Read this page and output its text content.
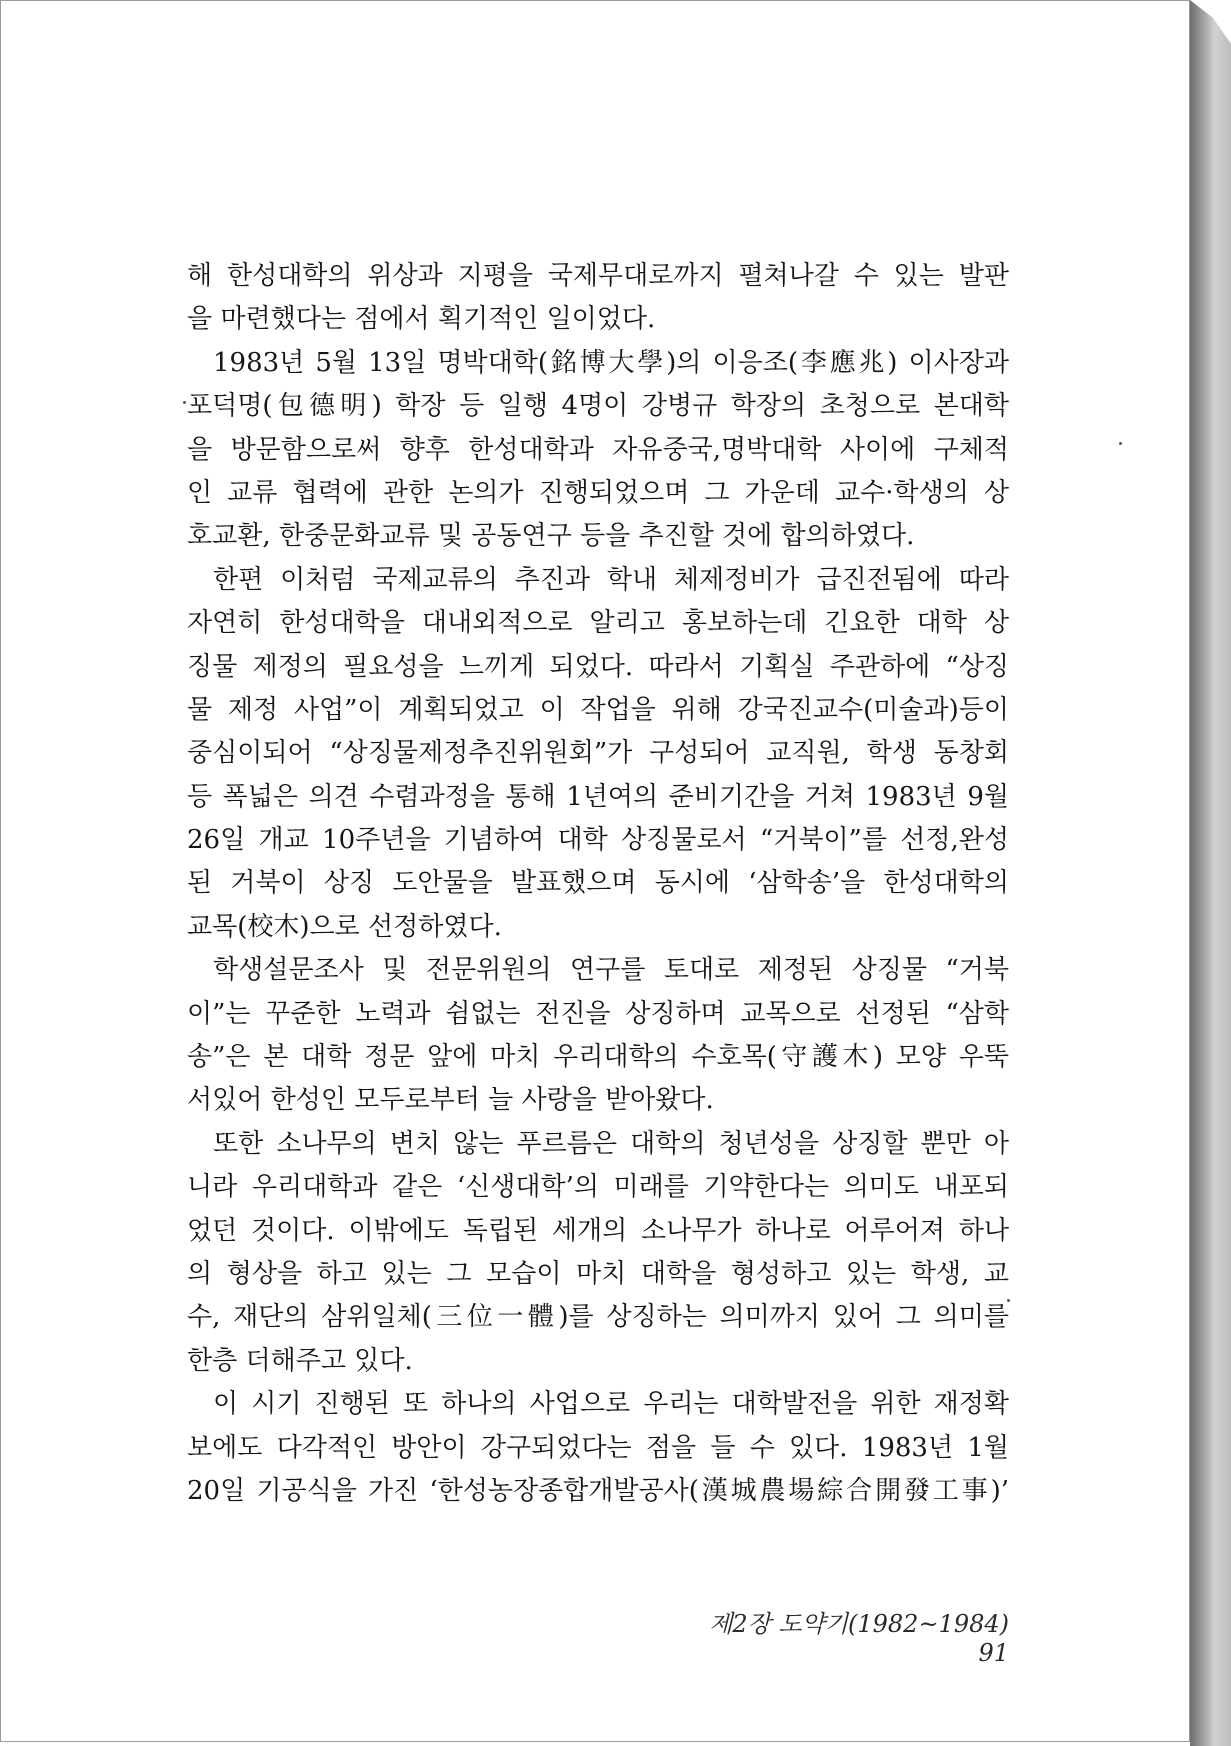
해 한성대학의 위상과 지평을 국제무대로까지 펼쳐나갈 수 있는 발판
을 마련했다는 점에서 획기적인 일이었다.
1983년 5월 13일 명박대학(銘博大學)의 이응조(李應兆) 이사장과
포덕명(包德明) 학장 등 일행 4명이 강병규 학장의 초청으로 본대학
을 방문함으로써 향후 한성대학과 자유중국,명박대학 사이에 구체적
인 교류 협력에 관한 논의가 진행되었으며 그 가운데 교수·학생의 상
호교환, 한중문화교류 및 공동연구 등을 추진할 것에 합의하였다.
한편 이처럼 국제교류의 추진과 학내 체제정비가 급진전됨에 따라
자연히 한성대학을 대내외적으로 알리고 홍보하는데 긴요한 대학 상
징물 제정의 필요성을 느끼게 되었다. 따라서 기획실 주관하에 “상징
물 제정 사업”이 계획되었고 이 작업을 위해 강국진교수(미술과)등이
중심이되어 “상징물제정추진위원회”가 구성되어 교직원, 학생 동창회
등 폭넓은 의견 수렴과정을 통해 1년여의 준비기간을 거쳐 1983년 9월
26일 개교 10주년을 기념하여 대학 상징물로서 “거북이”를 선정,완성
된 거북이 상징 도안물을 발표했으며 동시에 ‘삼학송’을 한성대학의
교목(校木)으로 선정하였다.
학생설문조사 및 전문위원의 연구를 토대로 제정된 상징물 “거북
이”는 꾸준한 노력과 쉼없는 전진을 상징하며 교목으로 선정된 “삼학
송”은 본 대학 정문 앞에 마치 우리대학의 수호목(守護木) 모양 우뚝
서있어 한성인 모두로부터 늘 사랑을 받아왔다.
또한 소나무의 변치 않는 푸르름은 대학의 청년성을 상징할 뿐만 아
니라 우리대학과 같은 ‘신생대학’의 미래를 기약한다는 의미도 내포되
었던 것이다. 이밖에도 독립된 세개의 소나무가 하나로 어루어져 하나
의 형상을 하고 있는 그 모습이 마치 대학을 형성하고 있는 학생, 교
수, 재단의 삼위일체(三位一體)를 상징하는 의미까지 있어 그 의미를
한층 더해주고 있다.
이 시기 진행된 또 하나의 사업으로 우리는 대학발전을 위한 재정확
보에도 다각적인 방안이 강구되었다는 점을 들 수 있다. 1983년 1월
20일 기공식을 가진 ‘한성농장종합개발공사(漢城農場綜合開發工事)’
제2장 도약기(1982~1984) 91
